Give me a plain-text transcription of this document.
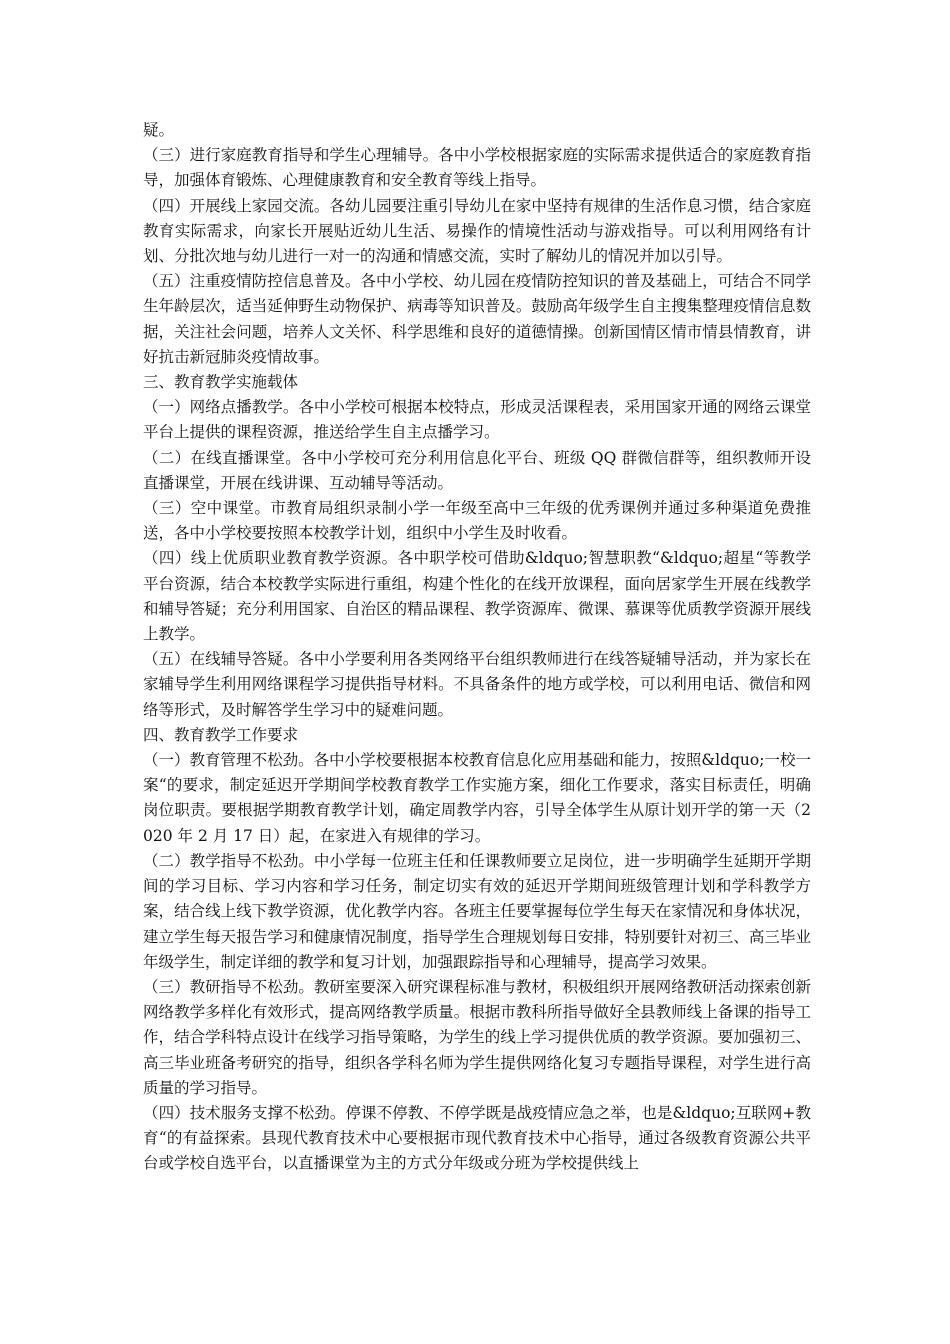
疑。

（三）进行家庭教育指导和学生心理辅导。各中小学校根据家庭的实际需求提供适合的家庭教育指导，加强体育锻炼、心理健康教育和安全教育等线上指导。

（四）开展线上家园交流。各幼儿园要注重引导幼儿在家中坚持有规律的生活作息习惯，结合家庭教育实际需求，向家长开展贴近幼儿生活、易操作的情境性活动与游戏指导。可以利用网络有计划、分批次地与幼儿进行一对一的沟通和情感交流，实时了解幼儿的情况并加以引导。

（五）注重疫情防控信息普及。各中小学校、幼儿园在疫情防控知识的普及基础上，可结合不同学生年龄层次，适当延伸野生动物保护、病毒等知识普及。鼓励高年级学生自主搜集整理疫情信息数据，关注社会问题，培养人文关怀、科学思维和良好的道德情操。创新国情区情市情县情教育，讲好抗击新冠肺炎疫情故事。

三、教育教学实施载体

（一）网络点播教学。各中小学校可根据本校特点，形成灵活课程表，采用国家开通的网络云课堂平台上提供的课程资源，推送给学生自主点播学习。

（二）在线直播课堂。各中小学校可充分利用信息化平台、班级 QQ 群微信群等，组织教师开设直播课堂，开展在线讲课、互动辅导等活动。

（三）空中课堂。市教育局组织录制小学一年级至高中三年级的优秀课例并通过多种渠道免费推送，各中小学校要按照本校教学计划，组织中小学生及时收看。

（四）线上优质职业教育教学资源。各中职学校可借助&ldquo;智慧职教“&ldquo;超星“等教学平台资源，结合本校教学实际进行重组，构建个性化的在线开放课程，面向居家学生开展在线教学和辅导答疑；充分利用国家、自治区的精品课程、教学资源库、微课、慕课等优质教学资源开展线上教学。

（五）在线辅导答疑。各中小学要利用各类网络平台组织教师进行在线答疑辅导活动，并为家长在家辅导学生利用网络课程学习提供指导材料。不具备条件的地方或学校，可以利用电话、微信和网络等形式，及时解答学生学习中的疑难问题。

四、教育教学工作要求

（一）教育管理不松劲。各中小学校要根据本校教育信息化应用基础和能力，按照&ldquo;一校一案“的要求，制定延迟开学期间学校教育教学工作实施方案，细化工作要求，落实目标责任，明确岗位职责。要根据学期教育教学计划，确定周教学内容，引导全体学生从原计划开学的第一天（2020 年 2 月 17 日）起，在家进入有规律的学习。

（二）教学指导不松劲。中小学每一位班主任和任课教师要立足岗位，进一步明确学生延期开学期间的学习目标、学习内容和学习任务，制定切实有效的延迟开学期间班级管理计划和学科教学方案，结合线上线下教学资源，优化教学内容。各班主任要掌握每位学生每天在家情况和身体状况，建立学生每天报告学习和健康情况制度，指导学生合理规划每日安排，特别要针对初三、高三毕业年级学生，制定详细的教学和复习计划，加强跟踪指导和心理辅导，提高学习效果。

（三）教研指导不松劲。教研室要深入研究课程标准与教材，积极组织开展网络教研活动探索创新网络教学多样化有效形式，提高网络教学质量。根据市教科所指导做好全县教师线上备课的指导工作，结合学科特点设计在线学习指导策略，为学生的线上学习提供优质的教学资源。要加强初三、高三毕业班备考研究的指导，组织各学科名师为学生提供网络化复习专题指导课程，对学生进行高质量的学习指导。

（四）技术服务支撑不松劲。停课不停教、不停学既是战疫情应急之举，也是&ldquo;互联网+教育“的有益探索。县现代教育技术中心要根据市现代教育技术中心指导，通过各级教育资源公共平台或学校自选平台，以直播课堂为主的方式分年级或分班为学校提供线上
